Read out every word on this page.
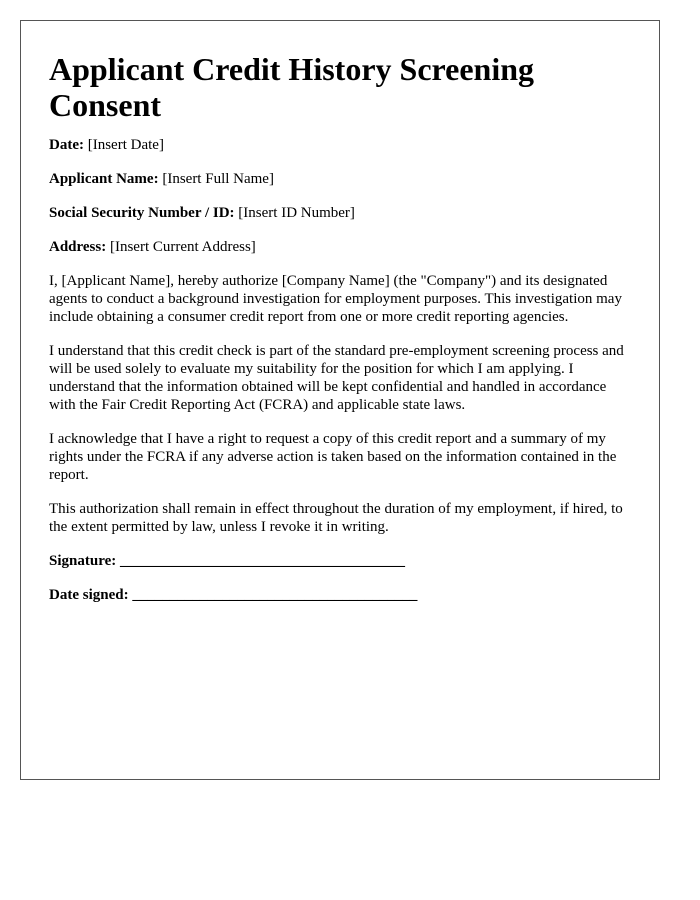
Applicant Credit History Screening Consent

Date: [Insert Date]

Applicant Name: [Insert Full Name]

Social Security Number / ID: [Insert ID Number]

Address: [Insert Current Address]

I, [Applicant Name], hereby authorize [Company Name] (the "Company") and its designated agents to conduct a background investigation for employment purposes. This investigation may include obtaining a consumer credit report from one or more credit reporting agencies.

I understand that this credit check is part of the standard pre-employment screening process and will be used solely to evaluate my suitability for the position for which I am applying. I understand that the information obtained will be kept confidential and handled in accordance with the Fair Credit Reporting Act (FCRA) and applicable state laws.

I acknowledge that I have a right to request a copy of this credit report and a summary of my rights under the FCRA if any adverse action is taken based on the information contained in the report.

This authorization shall remain in effect throughout the duration of my employment, if hired, to the extent permitted by law, unless I revoke it in writing.

Signature: ______________________________________

Date signed: ______________________________________
